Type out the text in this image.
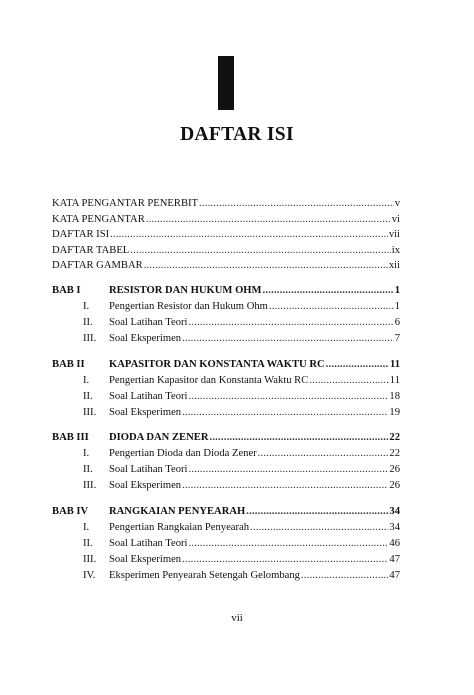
DAFTAR ISI
KATA PENGANTAR PENERBIT .....	v
KATA PENGANTAR .....	vi
DAFTAR ISI .....	vii
DAFTAR TABEL .....	ix
DAFTAR GAMBAR .....	xii
BAB I	RESISTOR DAN HUKUM OHM .....	1
I.	Pengertian Resistor dan Hukum Ohm .....	1
II.	Soal Latihan Teori .....	6
III.	Soal Eksperimen .....	7
BAB II	KAPASITOR DAN KONSTANTA WAKTU RC .....	11
I.	Pengertian Kapasitor dan Konstanta Waktu RC .....	11
II.	Soal Latihan Teori .....	18
III.	Soal Eksperimen .....	19
BAB III	DIODA DAN ZENER .....	22
I.	Pengertian Dioda dan Dioda Zener .....	22
II.	Soal Latihan Teori .....	26
III.	Soal Eksperimen .....	26
BAB IV	RANGKAIAN PENYEARAH .....	34
I.	Pengertian Rangkaian Penyearah .....	34
II.	Soal Latihan Teori .....	46
III.	Soal Eksperimen .....	47
IV.	Eksperimen Penyearah Setengah Gelombang .....	47
vii
